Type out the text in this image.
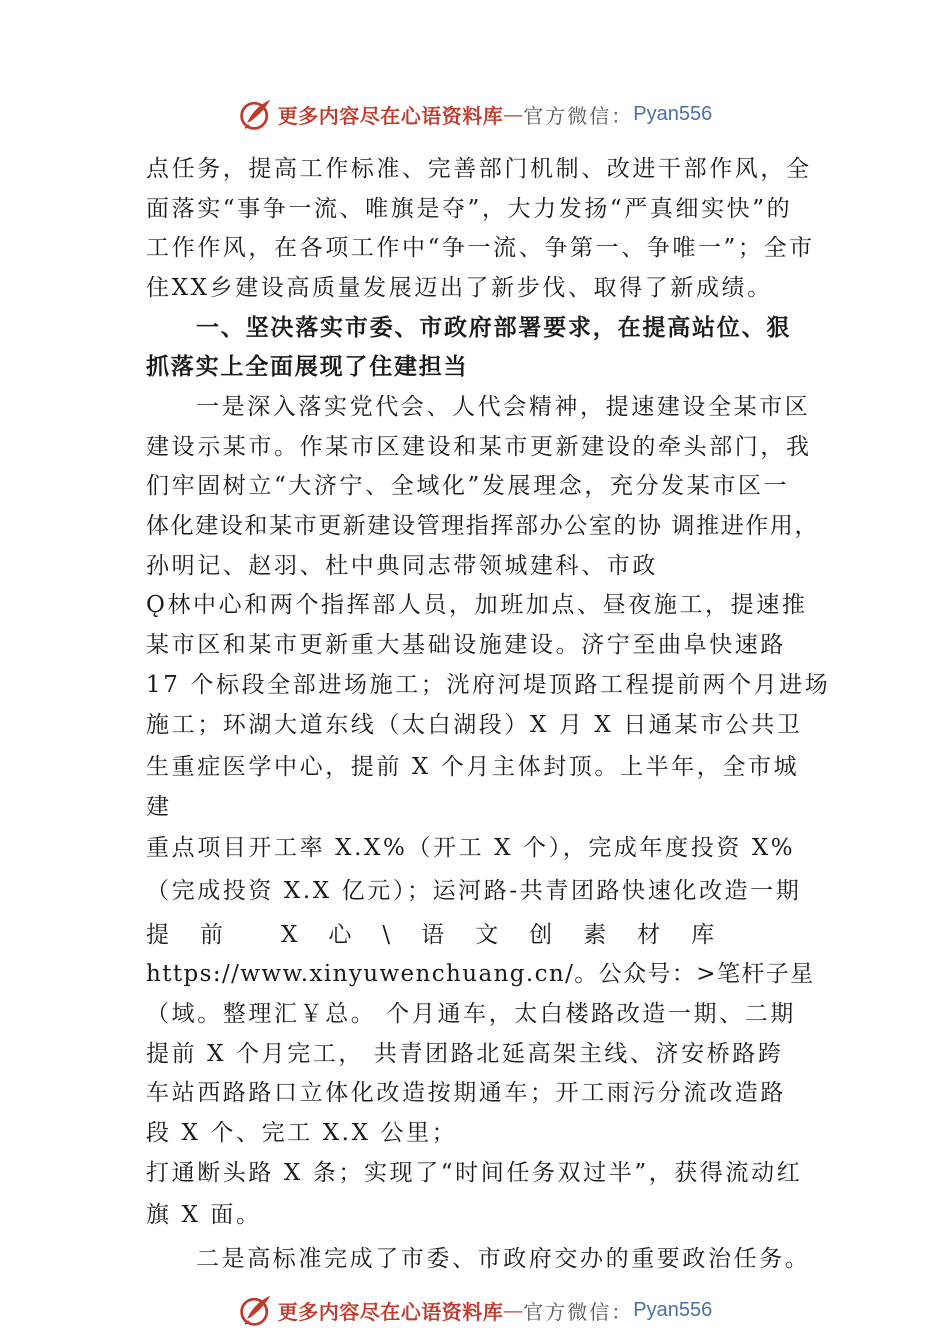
更多内容尽在心语资料库 — 官方微信： Pyan556
点任务，提高工作标准、完善部门机制、改进干部作风，全
面落实“事争一流、唯旗是夺”，大力发扬“严真细实快”的
工作作风，在各项工作中“争一流、争第一、争唯一”；全市
住XX乡建设高质量发展迈出了新步伐、取得了新成绩。
一、坚决落实市委、市政府部署要求，在提高站位、狠
抓落实上全面展现了住建担当
一是深入落实党代会、人代会精神，提速建设全某市区
建设示某市。作某市区建设和某市更新建设的牵头部门，我
们牢固树立“大济宁、全域化”发展理念，充分发某市区一
体化建设和某市更新建设管理指挥部办公室的协 调推进作用，
孙明记、赵羽、杜中典同志带领城建科、市政
Ǫ林中心和两个指挥部人员，加班加点、昼夜施工，提速推
某市区和某市更新重大基础设施建设。济宁至曲阜快速路
17 个标段全部进场施工；洸府河堤顶路工程提前两个月进场
施工；环湖大道东线（太白湖段）X 月 X 日通某市公共卫
生重症医学中心，提前 X 个月主体封顶。上半年，全市城
建
重点项目开工率 X.X%（开工 X 个），完成年度投资 X%
（完成投资 X.X 亿元）；运河路-共青团路快速化改造一期
提　前　　X　心　\　语　文　创　素　材　库
https://www.xinyuwenchuang.cn/。公众号：>笔杆子星
（域。整理汇￥总。 个月通车，太白楼路改造一期、二期
提前 X 个月完工， 共青团路北延高架主线、济安桥路跨
车站西路路口立体化改造按期通车；开工雨污分流改造路
段 X 个、完工 X.X 公里；
打通断头路 X 条；实现了“时间任务双过半”，获得流动红
旗 X 面。
二是高标准完成了市委、市政府交办的重要政治任务。
更多内容尽在心语资料库 — 官方微信： Pyan556
